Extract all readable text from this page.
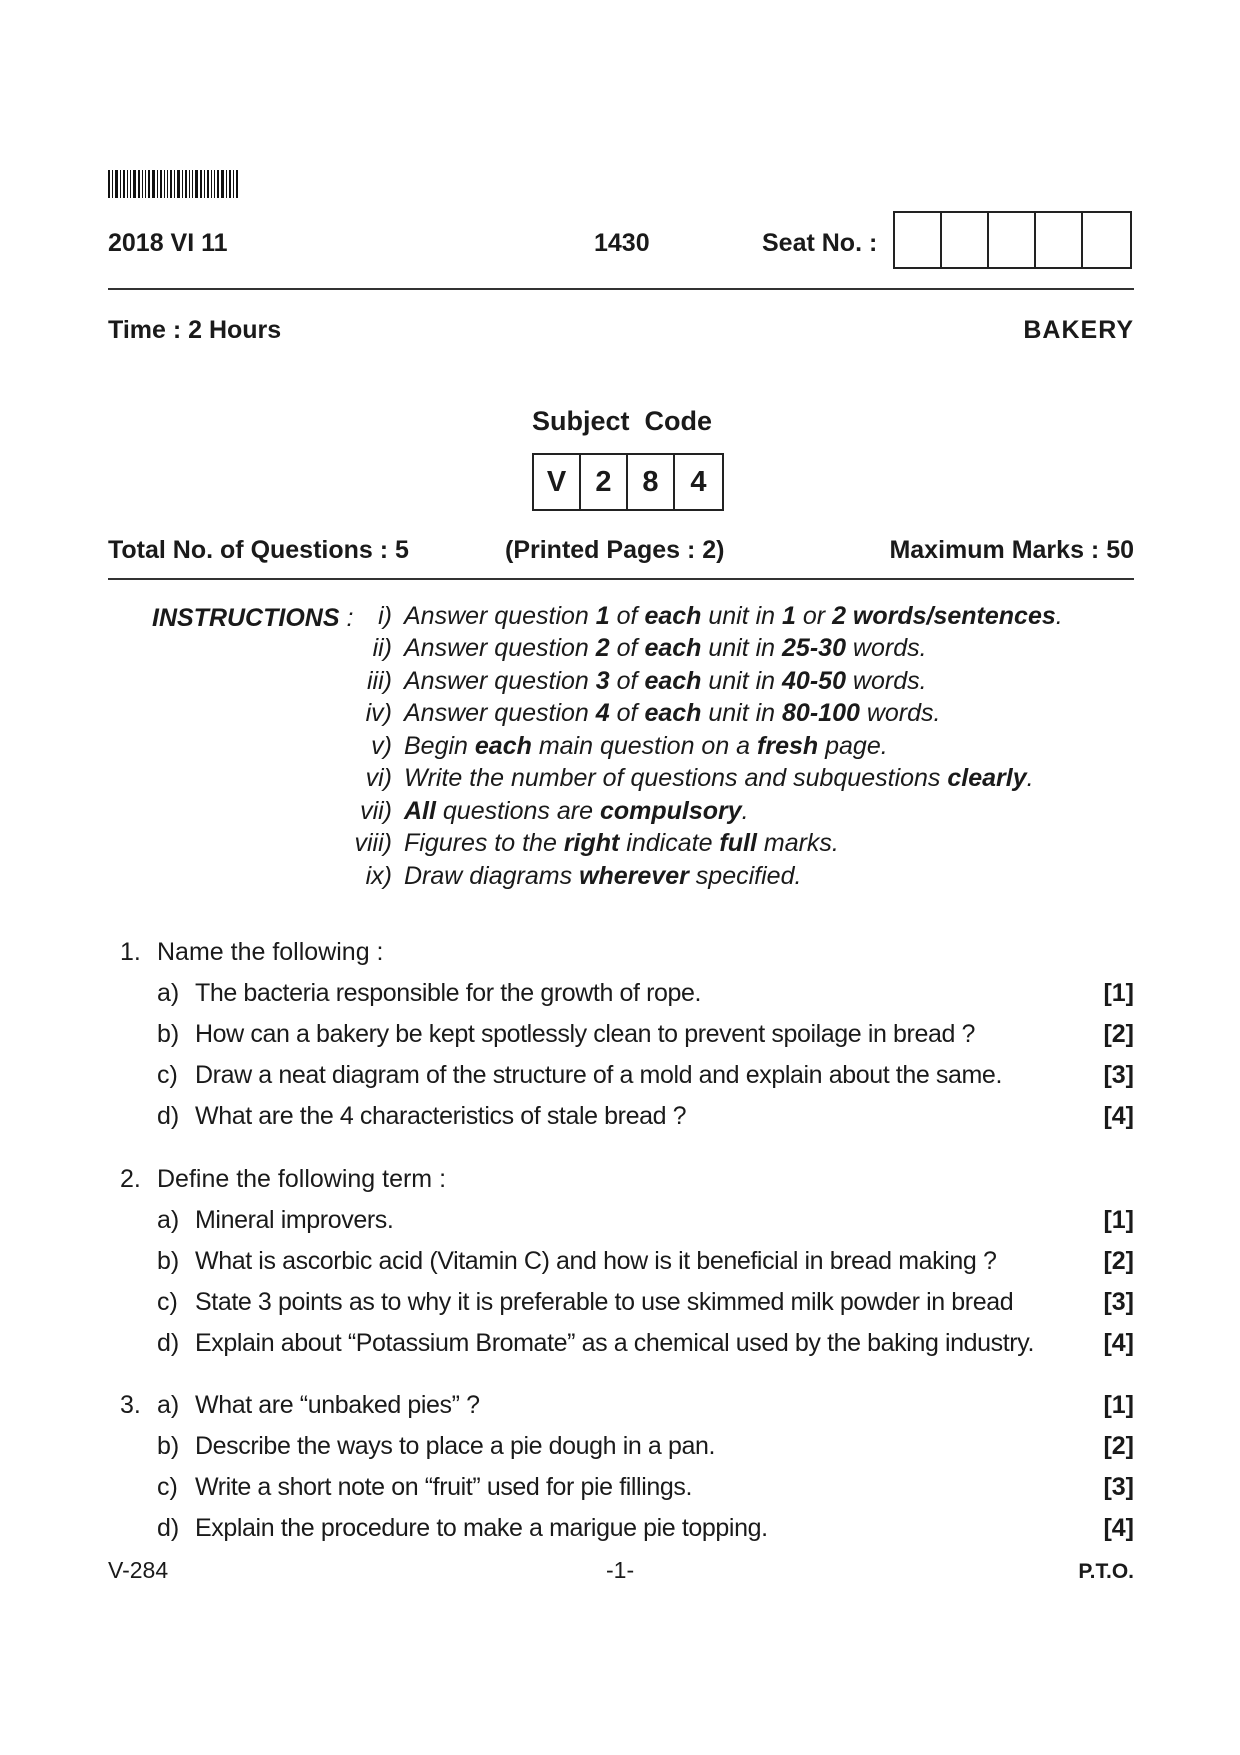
2018 VI 11	1430	Seat No. :
Time : 2 Hours	BAKERY
Subject  Code
V	2	8	4
Total No. of Questions : 5	(Printed Pages : 2)	Maximum Marks : 50
INSTRUCTIONS : i) Answer question 1 of each unit in 1 or 2 words/sentences.
ii) Answer question 2 of each unit in 25-30 words.
iii) Answer question 3 of each unit in 40-50 words.
iv) Answer question 4 of each unit in 80-100 words.
v) Begin each main question on a fresh page.
vi) Write the number of questions and subquestions clearly.
vii) All questions are compulsory.
viii) Figures to the right indicate full marks.
ix) Draw diagrams wherever specified.
1. Name the following :
a) The bacteria responsible for the growth of rope.	[1]
b) How can a bakery be kept spotlessly clean to prevent spoilage in bread ?	[2]
c) Draw a neat diagram of the structure of a mold and explain about the same.	[3]
d) What are the 4 characteristics of stale bread ?	[4]
2. Define the following term :
a) Mineral improvers.	[1]
b) What is ascorbic acid (Vitamin C) and how is it beneficial in bread making ?	[2]
c) State 3 points as to why it is preferable to use skimmed milk powder in bread	[3]
d) Explain about “Potassium Bromate” as a chemical used by the baking industry.	[4]
3. a) What are “unbaked pies” ?	[1]
b) Describe the ways to place a pie dough in a pan.	[2]
c) Write a short note on “fruit” used for pie fillings.	[3]
d) Explain the procedure to make a marigue pie topping.	[4]
V-284	-1-	P.T.O.
